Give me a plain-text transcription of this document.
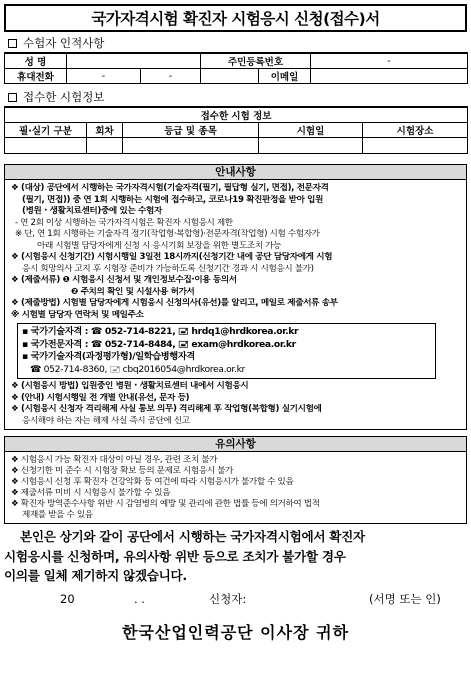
국가자격시험 확진자 시험응시 신청(접수)서
수험자 인적사항
성 명			주민등록번호		-
휴대전화	-	-		이메일	
접수한 시험정보
접수한 시험 정보				
필·실기 구분	회차	등급 및 종목	시험일	시험장소

안내사항

❖ (대상) 공단에서 시행하는 국가자격시험(기술자격(필기, 필답형 실기, 면접), 전문자격

(필기, 면접)) 중 연 1회 시행하는 시험에 접수하고, 코로나19 확진판정을 받아 입원

(병원 · 생활치료센터)중에 있는 수험자

- 연 2회 이상 시행하는 국가자격시험은 확진자 시험응시 제한

※ 단, 연 1회 시행하는 기술자격 정기(작업형·복합형)·전문자격(작업형) 시험 수험자가

아래 시험별 담당자에게 신청 시 응시기회 보장을 위한 별도조치 가능

❖ (시험응시 신청기간) 시험시행일 3일전 18시까지(신청기간 내에 공단 담당자에게 시험

응시 희망의사 고지 후 시험장 준비가 가능하도록 신청기간 경과 시 시험응시 불가)

❖ (제출서류) ❶ 시험응시 신청서 및 개인정보수집·이용 동의서

❷ 주치의 확인 및 시설사용 허가서

❖ (제출방법) 시험별 담당자에게 시험응시 신청의사(유선)를 알리고, 메일로 제출서류 송부

※ 시험별 담당자 연락처 및 메일주소

▪ 국가기술자격 : ☎ 052-714-8221, 🖃 hrdq1@hrdkorea.or.kr

▪ 국가전문자격 : ☎ 052-714-8484, 🖃 exam@hrdkorea.or.kr

▪ 국가기술자격(과정평가형)/일학습병행자격

☎ 052-714-8360, 🖃 cbq2016054@hrdkorea.or.kr

❖ (시험응시 방법) 입원중인 병원 · 생활치료센터 내에서 시험응시

❖ (안내) 시험시행일 전 개별 안내(유선, 문자 등)

❖ (시험응시 신청자 격리해제 사실 통보 의무) 격리해제 후 작업형(복합형) 실기시험에

응시해야 하는 자는 해제 사실 즉시 공단에 신고

유의사항

❖ 시험응시 가능 확진자 대상이 아닐 경우, 관련 조치 불가

❖ 신청기한 미 준수 시 시험장 확보 등의 문제로 시험응시 불가

❖ 시험응시 신청 후 확진자 건강악화 등 여건에 따라 시험응시가 불가할 수 있음

❖ 제출서류 미비 시 시험응시 불가할 수 있음

❖ 확진자 방역준수사항 위반 시 감염병의 예방 및 관리에 관한 법률 등에 의거하여 법적

제재를 받을 수 있음

본인은 상기와 같이 공단에서 시행하는 국가자격시험에서 확진자

시험응시를 신청하며, 유의사항 위반 등으로 조치가 불가할 경우

이의를 일체 제기하지 않겠습니다.

20	. .	신청자:	(서명 또는 인)
한국산업인력공단 이사장 귀하
